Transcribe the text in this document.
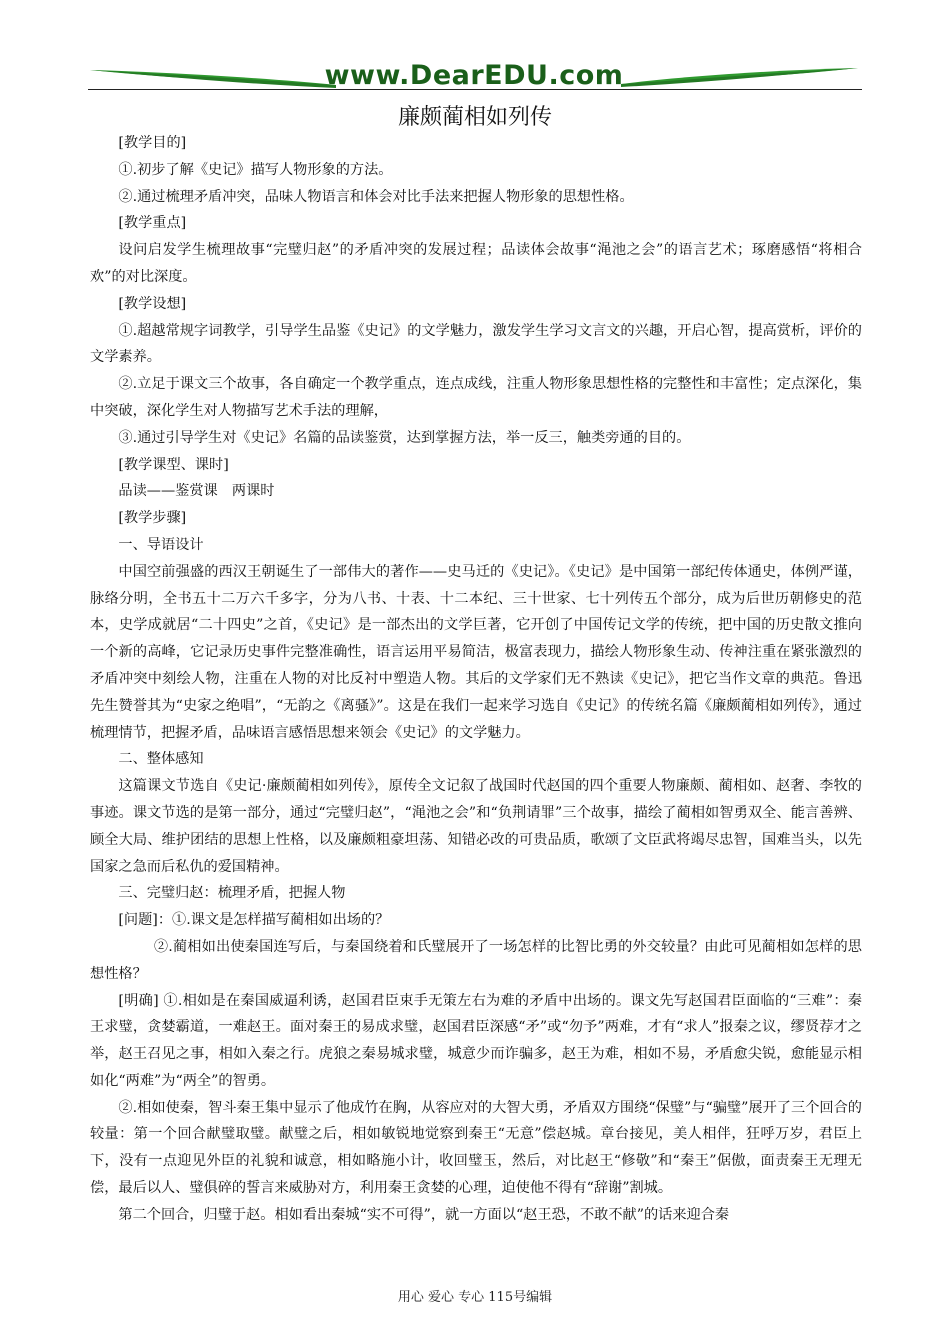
www.DearEDU.com
廉颇蔺相如列传

[教学目的]

①.初步了解《史记》描写人物形象的方法。

②.通过梳理矛盾冲突，品味人物语言和体会对比手法来把握人物形象的思想性格。

[教学重点]

设问启发学生梳理故事“完璧归赵”的矛盾冲突的发展过程；品读体会故事“渑池之会”的语言艺术；琢磨感悟“将相合欢”的对比深度。

[教学设想]

①.超越常规字词教学，引导学生品鉴《史记》的文学魅力，激发学生学习文言文的兴趣，开启心智，提高赏析，评价的文学素养。

②.立足于课文三个故事，各自确定一个教学重点，连点成线，注重人物形象思想性格的完整性和丰富性；定点深化，集中突破，深化学生对人物描写艺术手法的理解，

③.通过引导学生对《史记》名篇的品读鉴赏，达到掌握方法，举一反三，触类旁通的目的。

[教学课型、课时]

品读——鉴赏课　两课时

[教学步骤]

一、导语设计

中国空前强盛的西汉王朝诞生了一部伟大的著作——史马迁的《史记》。《史记》是中国第一部纪传体通史，体例严谨，脉络分明，全书五十二万六千多字，分为八书、十表、十二本纪、三十世家、七十列传五个部分，成为后世历朝修史的范本，史学成就居“二十四史”之首，《史记》是一部杰出的文学巨著，它开创了中国传记文学的传统，把中国的历史散文推向一个新的高峰，它记录历史事件完整准确性，语言运用平易简洁，极富表现力，描绘人物形象生动、传神注重在紧张激烈的矛盾冲突中刻绘人物，注重在人物的对比反衬中塑造人物。其后的文学家们无不熟读《史记》，把它当作文章的典范。鲁迅先生赞誉其为“史家之绝唱”，“无韵之《离骚》”。这是在我们一起来学习选自《史记》的传统名篇《廉颇蔺相如列传》，通过梳理情节，把握矛盾，品味语言感悟思想来领会《史记》的文学魅力。

二、整体感知

这篇课文节选自《史记·廉颇蔺相如列传》，原传全文记叙了战国时代赵国的四个重要人物廉颇、蔺相如、赵奢、李牧的事迹。课文节选的是第一部分，通过“完璧归赵”，“渑池之会”和“负荆请罪”三个故事，描绘了蔺相如智勇双全、能言善辨、顾全大局、维护团结的思想上性格，以及廉颇粗豪坦荡、知错必改的可贵品质，歌颂了文臣武将竭尽忠智，国难当头，以先国家之急而后私仇的爱国精神。

三、完璧归赵：梳理矛盾，把握人物

[问题]：①.课文是怎样描写蔺相如出场的？

②.蔺相如出使秦国连写后，与秦国绕着和氏璧展开了一场怎样的比智比勇的外交较量？由此可见蔺相如怎样的思想性格？

[明确] ①.相如是在秦国威逼利诱，赵国君臣束手无策左右为难的矛盾中出场的。课文先写赵国君臣面临的“三难”：秦王求璧，贪婪霸道，一难赵王。面对秦王的易成求璧，赵国君臣深感“矛”或“勿予”两难，才有“求人”报秦之议，缪贤荐才之举，赵王召见之事，相如入秦之行。虎狼之秦易城求璧，城意少而诈骗多，赵王为难，相如不易，矛盾愈尖锐，愈能显示相如化“两难”为“两全”的智勇。

②.相如使秦，智斗秦王集中显示了他成竹在胸，从容应对的大智大勇，矛盾双方围绕“保璧”与“骗璧”展开了三个回合的较量：第一个回合献璧取璧。献璧之后，相如敏锐地觉察到秦王“无意”偿赵城。章台接见，美人相伴，狂呼万岁，君臣上下，没有一点迎见外臣的礼貌和诚意，相如略施小计，收回璧玉，然后，对比赵王“修敬”和“秦王”倨傲，面责秦王无理无偿，最后以人、璧俱碎的誓言来威胁对方，利用秦王贪婪的心理，迫使他不得有“辞谢”割城。

第二个回合，归璧于赵。相如看出秦城“实不可得”，就一方面以“赵王恐，不敢不献”的话来迎合秦

用心 爱心 专心 115号编辑
